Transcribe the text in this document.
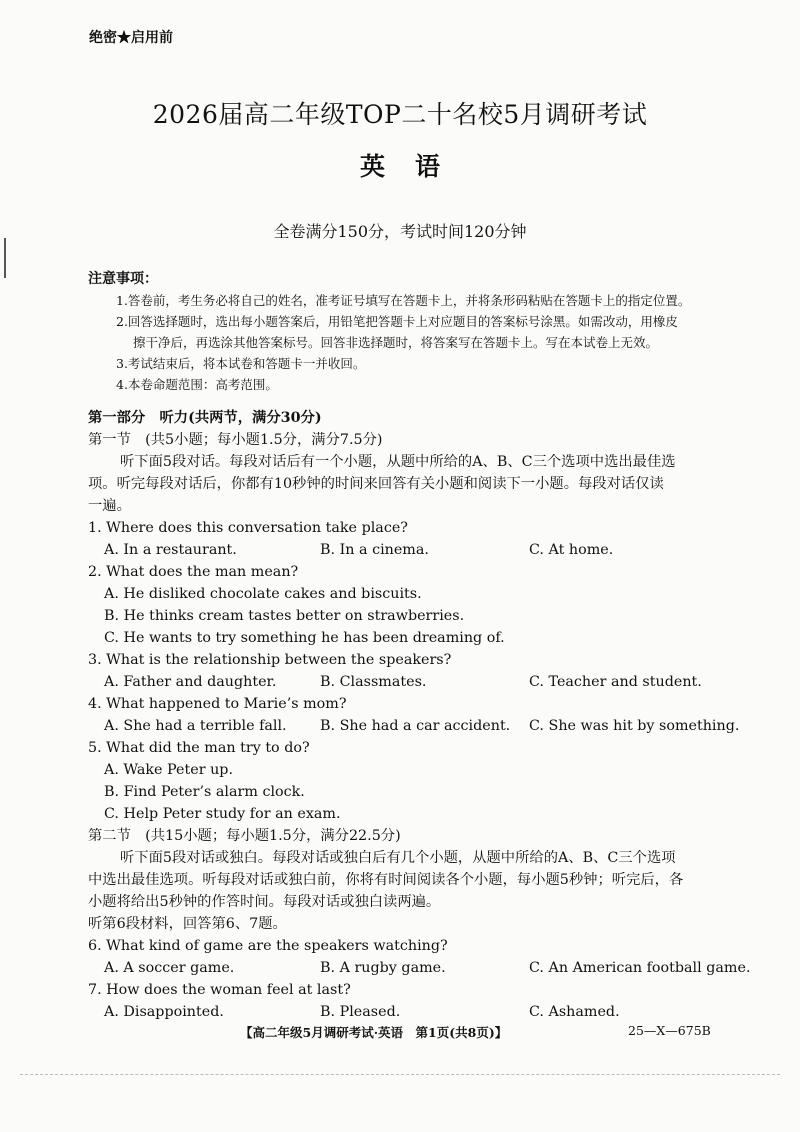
绝密★启用前
2026届高二年级TOP二十名校5月调研考试
英语
全卷满分150分，考试时间120分钟
注意事项：
1.答卷前，考生务必将自己的姓名，准考证号填写在答题卡上，并将条形码粘贴在答题卡上的指定位置。
2.回答选择题时，选出每小题答案后，用铅笔把答题卡上对应题目的答案标号涂黑。如需改动，用橡皮
擦干净后，再选涂其他答案标号。回答非选择题时，将答案写在答题卡上。写在本试卷上无效。
3.考试结束后，将本试卷和答题卡一并收回。
4.本卷命题范围：高考范围。
第一部分　听力(共两节，满分30分)
第一节　(共5小题；每小题1.5分，满分7.5分)
听下面5段对话。每段对话后有一个小题，从题中所给的A、B、C三个选项中选出最佳选
项。听完每段对话后，你都有10秒钟的时间来回答有关小题和阅读下一小题。每段对话仅读
一遍。
1. Where does this conversation take place?
A. In a restaurant.	B. In a cinema.	C. At home.
2. What does the man mean?
A. He disliked chocolate cakes and biscuits.
B. He thinks cream tastes better on strawberries.
C. He wants to try something he has been dreaming of.
3. What is the relationship between the speakers?
A. Father and daughter.	B. Classmates.	C. Teacher and student.
4. What happened to Marie’s mom?
A. She had a terrible fall. B. She had a car accident. C. She was hit by something.
5. What did the man try to do?
A. Wake Peter up.
B. Find Peter’s alarm clock.
C. Help Peter study for an exam.
第二节　(共15小题；每小题1.5分，满分22.5分)
听下面5段对话或独白。每段对话或独白后有几个小题，从题中所给的A、B、C三个选项
中选出最佳选项。听每段对话或独白前，你将有时间阅读各个小题，每小题5秒钟；听完后，各
小题将给出5秒钟的作答时间。每段对话或独白读两遍。
听第6段材料，回答第6、7题。
6. What kind of game are the speakers watching?
A. A soccer game.	B. A rugby game.	C. An American football game.
7. How does the woman feel at last?
A. Disappointed.	B. Pleased.	C. Ashamed.
【高二年级5月调研考试·英语　第1页(共8页)】	25—X—675B
